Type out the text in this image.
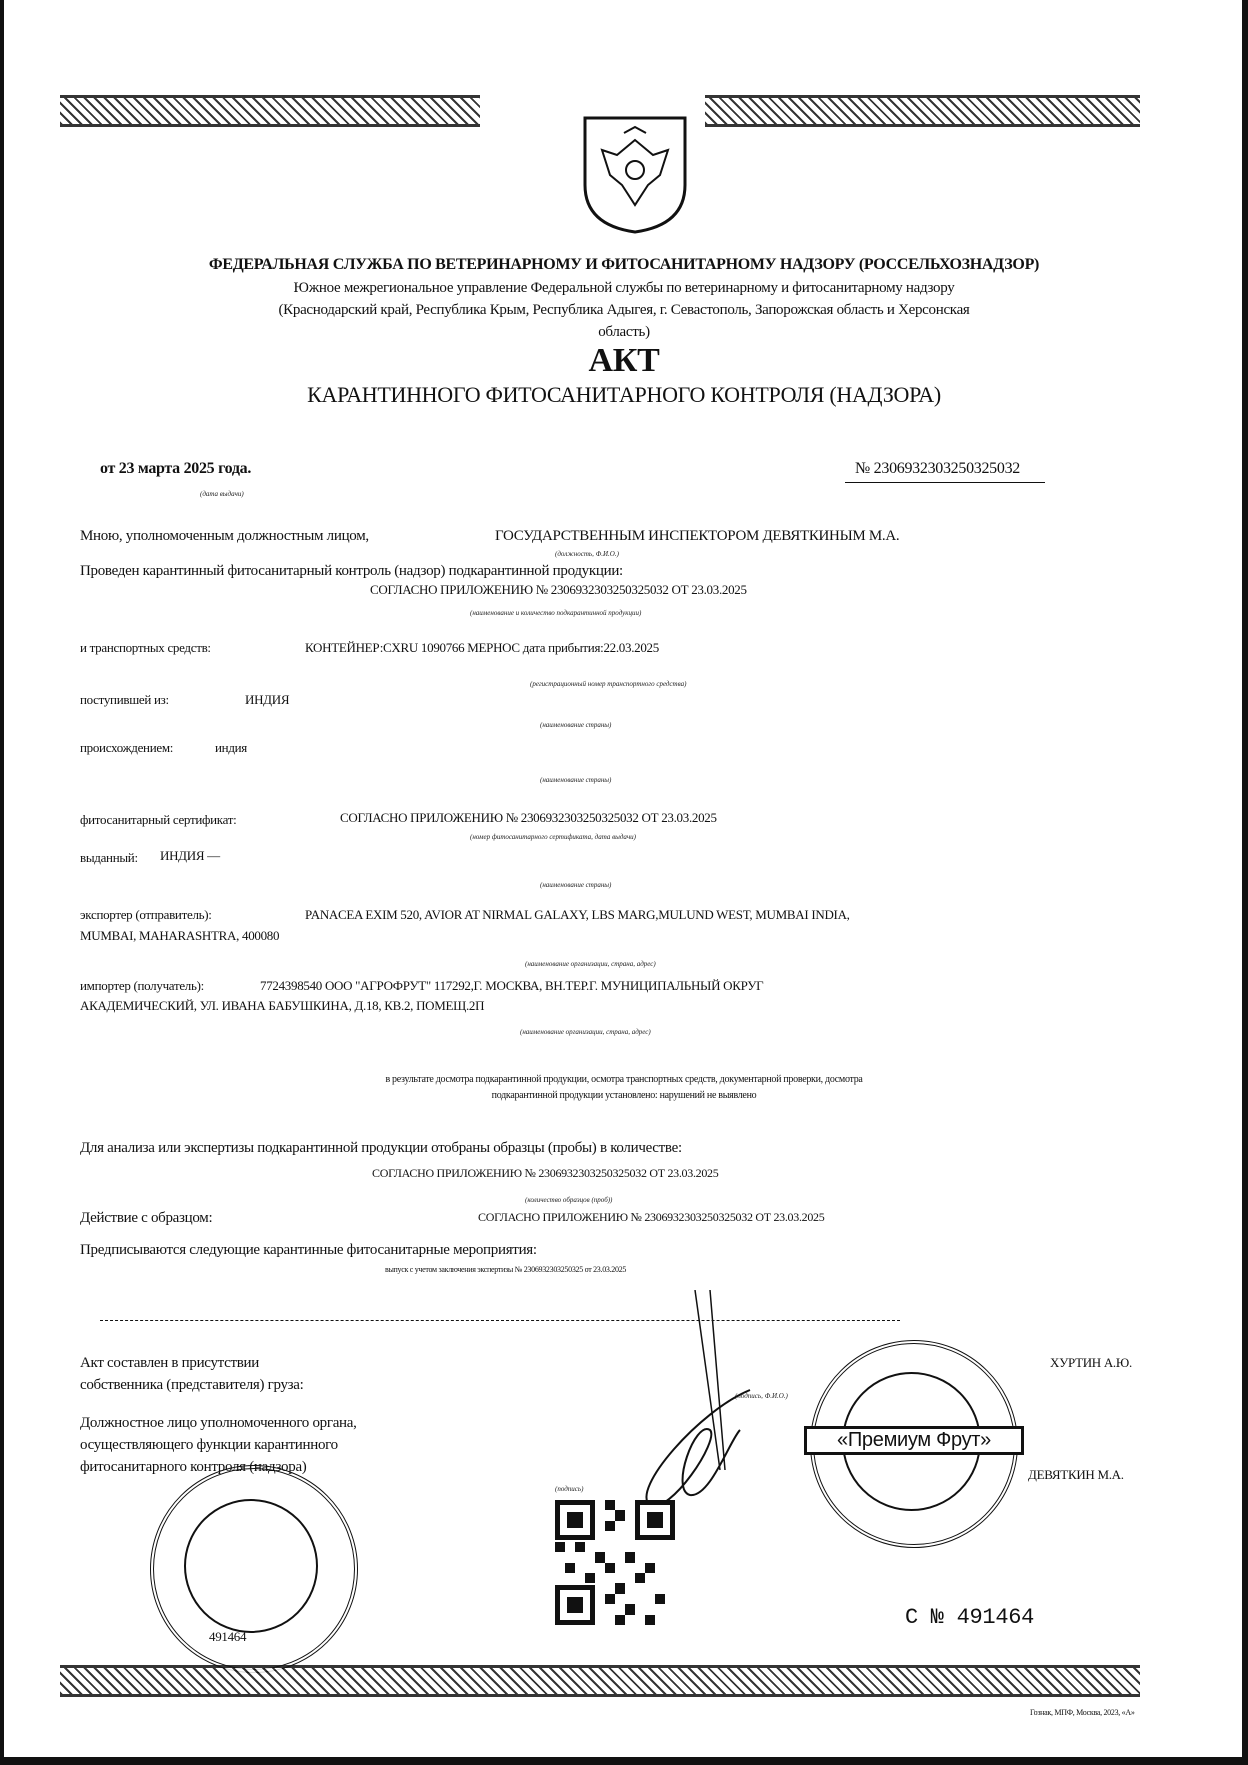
ФЕДЕРАЛЬНАЯ СЛУЖБА ПО ВЕТЕРИНАРНОМУ И ФИТОСАНИТАРНОМУ НАДЗОРУ (РОССЕЛЬХОЗНАДЗОР)
Южное межрегиональное управление Федеральной службы по ветеринарному и фитосанитарному надзору
(Краснодарский край, Республика Крым, Республика Адыгея, г. Севастополь, Запорожская область и Херсонская
область)
АКТ
КАРАНТИННОГО ФИТОСАНИТАРНОГО КОНТРОЛЯ (НАДЗОРА)
от 23 марта 2025 года.
(дата выдачи)
№ 2306932303250325032
Мною, уполномоченным должностным лицом,	ГОСУДАРСТВЕННЫМ ИНСПЕКТОРОМ ДЕВЯТКИНЫМ М.А.
(должность, Ф.И.О.)
Проведен карантинный фитосанитарный контроль (надзор) подкарантинной продукции:
СОГЛАСНО ПРИЛОЖЕНИЮ № 2306932303250325032 ОТ 23.03.2025
(наименование и количество подкарантинной продукции)
и транспортных средств:	КОНТЕЙНЕР:CXRU 1090766 МЕРНОС дата прибытия:22.03.2025
(регистрационный номер транспортного средства)
поступившей из:	ИНДИЯ
(наименование страны)
происхождением:	индия
(наименование страны)
фитосанитарный сертификат:	СОГЛАСНО ПРИЛОЖЕНИЮ № 2306932303250325032 ОТ 23.03.2025
(номер фитосанитарного сертификата, дата выдачи)
выданный: ИНДИЯ —
(наименование страны)
экспортер (отправитель):	PANACEA EXIM 520, AVIOR AT NIRMAL GALAXY, LBS MARG,MULUND WEST, MUMBAI INDIA,
MUMBAI, MAHARASHTRA, 400080
(наименование организации, страна, адрес)
импортер (получатель):	7724398540 ООО "АГРОФРУТ" 117292,Г. МОСКВА, ВН.ТЕР.Г. МУНИЦИПАЛЬНЫЙ ОКРУГ
АКАДЕМИЧЕСКИЙ, УЛ. ИВАНА БАБУШКИНА, Д.18, КВ.2, ПОМЕЩ.2П
(наименование организации, страна, адрес)
в результате досмотра подкарантинной продукции, осмотра транспортных средств, документарной проверки, досмотра
подкарантинной продукции установлено: нарушений не выявлено
Для анализа или экспертизы подкарантинной продукции отобраны образцы (пробы) в количестве:
СОГЛАСНО ПРИЛОЖЕНИЮ № 2306932303250325032 ОТ 23.03.2025
(количество образцов (проб))
Действие с образцом:	СОГЛАСНО ПРИЛОЖЕНИЮ № 2306932303250325032 ОТ 23.03.2025
Предписываются следующие карантинные фитосанитарные мероприятия:
выпуск с учетом заключения экспертизы № 2306932303250325 от 23.03.2025
Акт составлен в присутствии
собственника (представителя) груза:
ХУРТИН А.Ю.
Должностное лицо уполномоченного органа,
осуществляющего функции карантинного
фитосанитарного контроля (надзора)	ДЕВЯТКИН М.А.
(подпись, Ф.И.О.)
(подпись)
491464
«Премиум Фрут»
С № 491464
Гознак, МПФ, Москва, 2023, «А»
